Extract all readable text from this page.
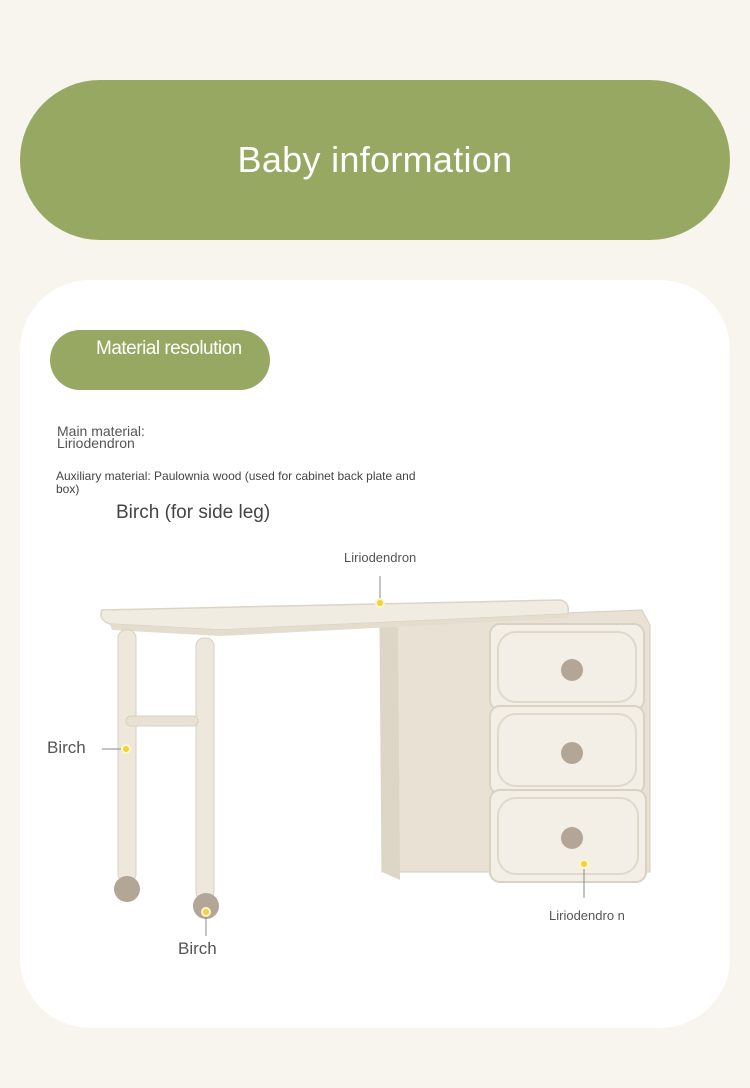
Baby information
Material resolution
Main material: Liriodendron
Auxiliary material: Paulownia wood (used for cabinet back plate and box)
Birch (for side leg)
Liriodendron
Birch
Birch
Liriodendro n
